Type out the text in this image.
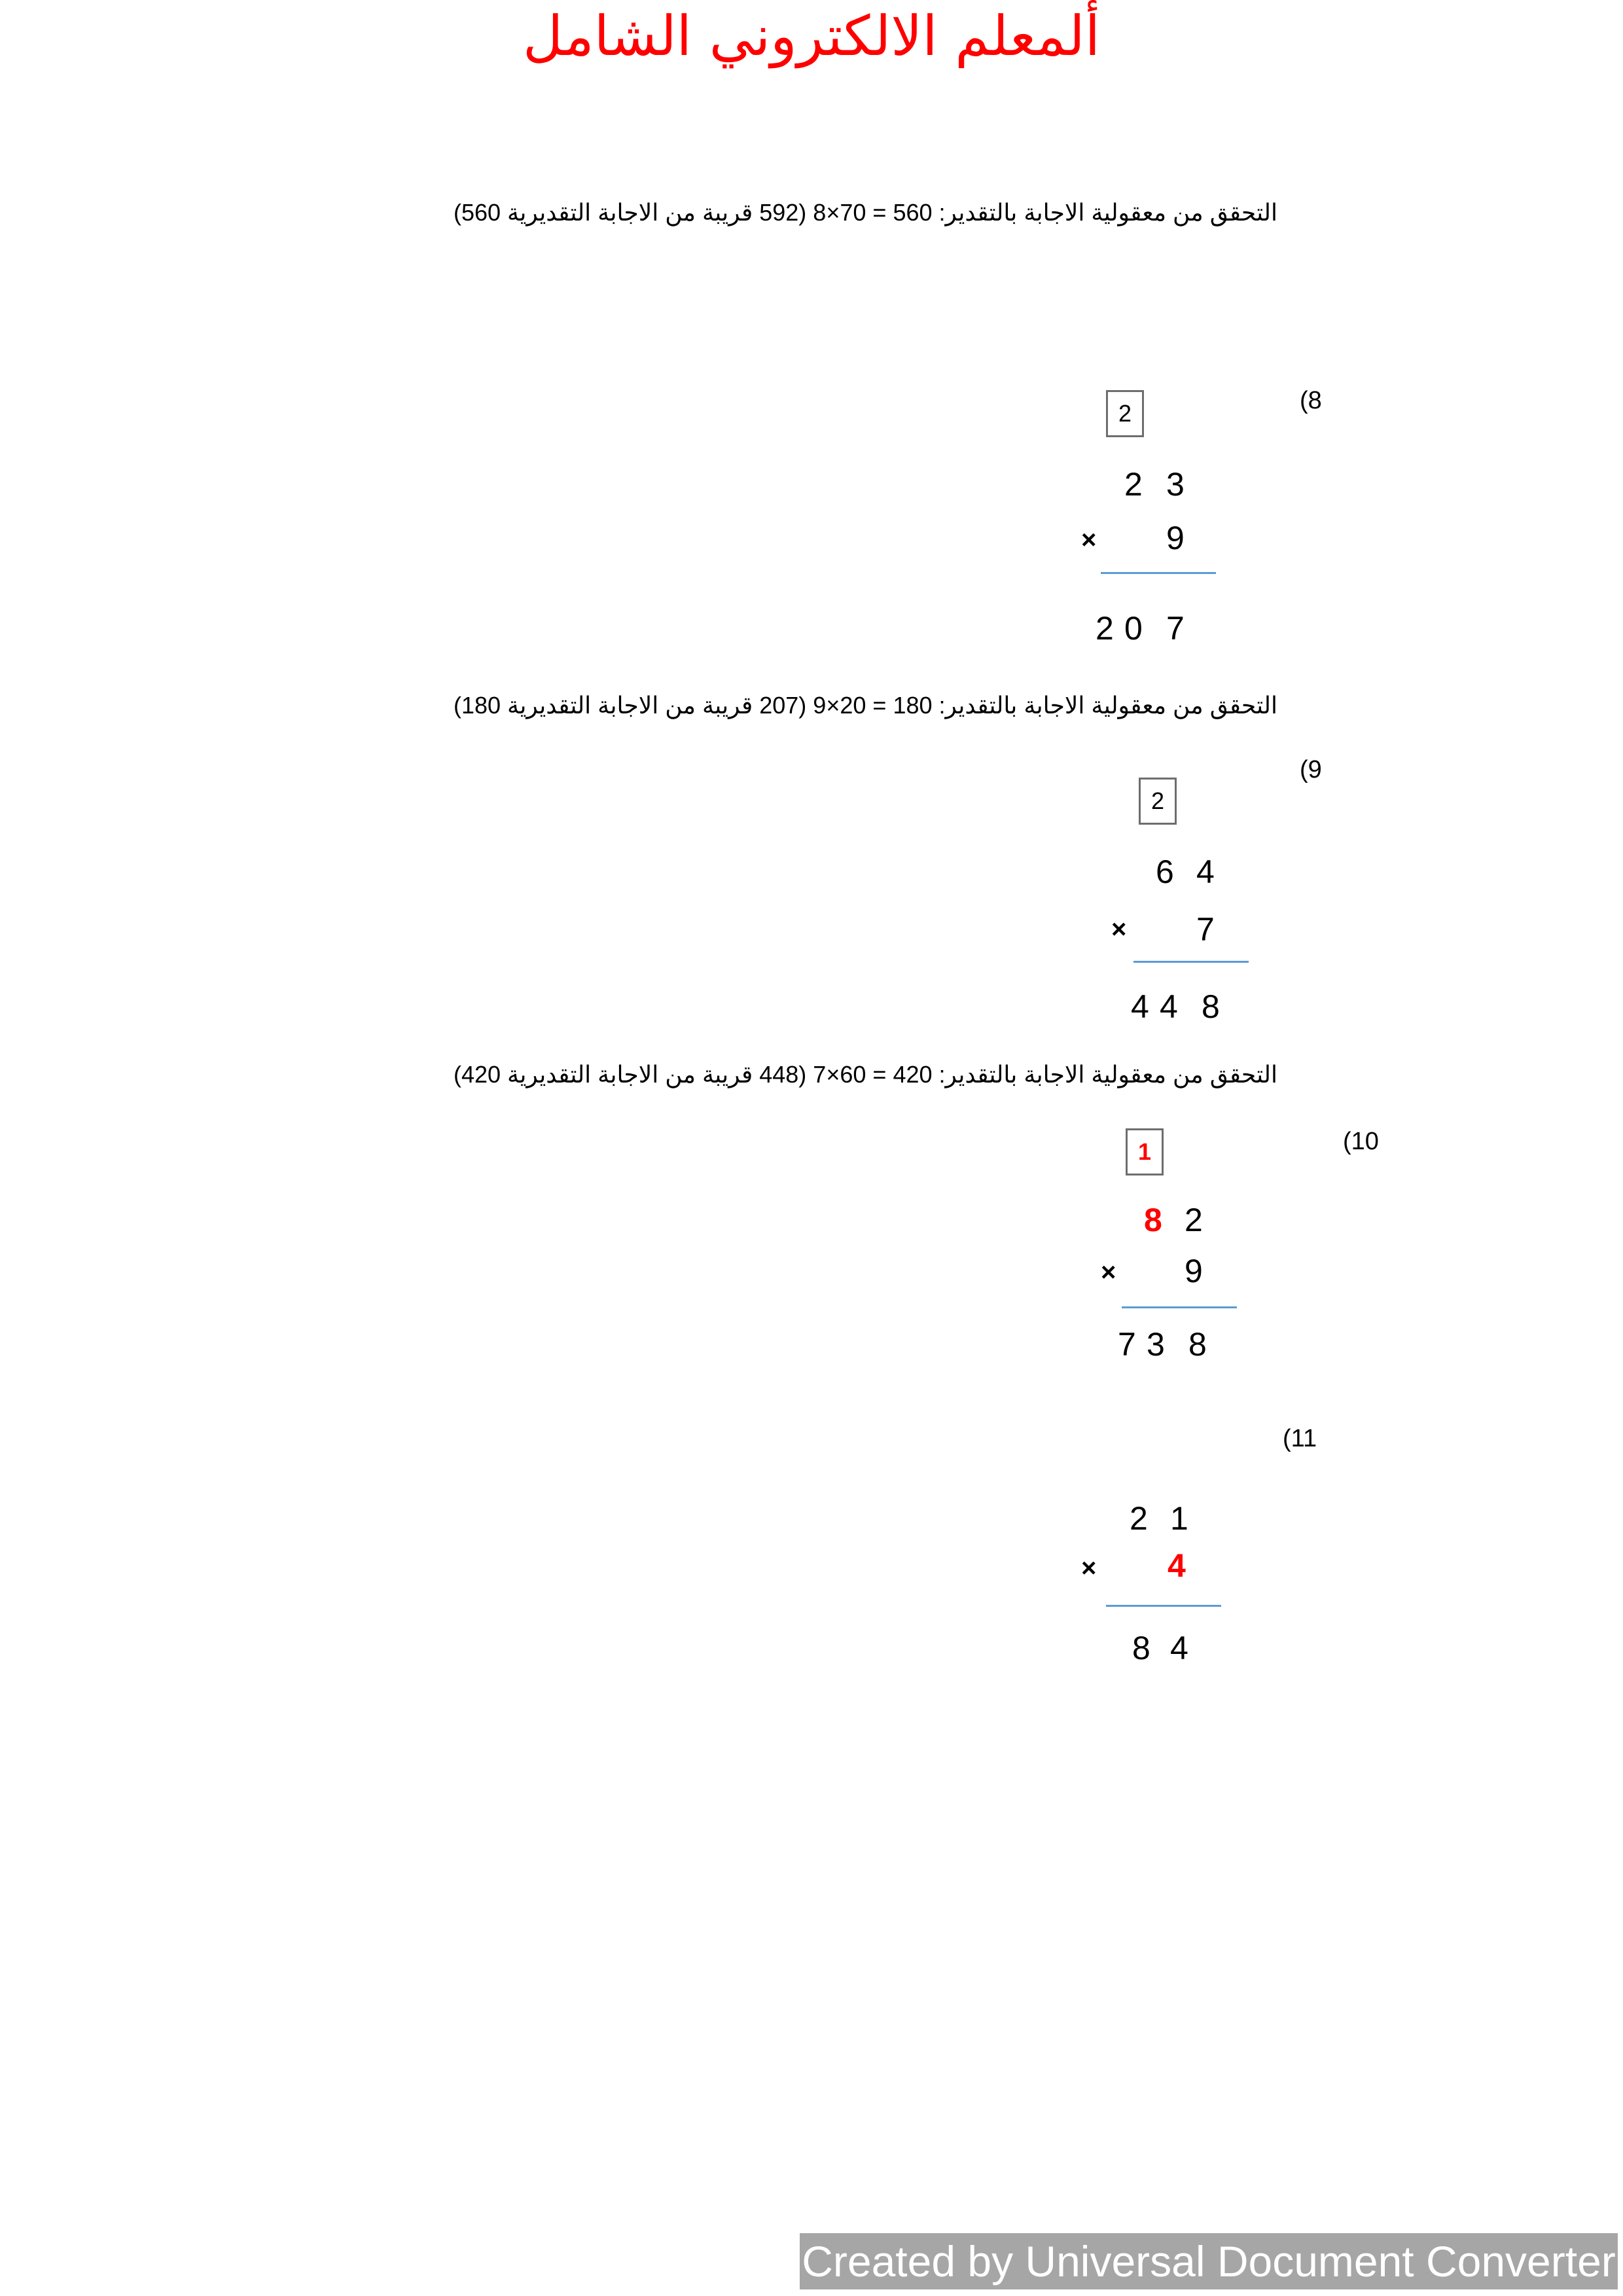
ألمعلم الالكتروني الشامل
التحقق من معقولية الاجابة بالتقدير: 560 = 70×8 (592 قريبة من الاجابة التقديرية 560)
(8
2
2 3
× 9
2 0 7
التحقق من معقولية الاجابة بالتقدير: 180 = 20×9 (207 قريبة من الاجابة التقديرية 180)
(9
2
6 4
× 7
4 4 8
التحقق من معقولية الاجابة بالتقدير: 420 = 60×7 (448 قريبة من الاجابة التقديرية 420)
(10
1
8 2
× 9
7 3 8
(11
2 1
× 4
8 4
Created by Universal Document Converter
